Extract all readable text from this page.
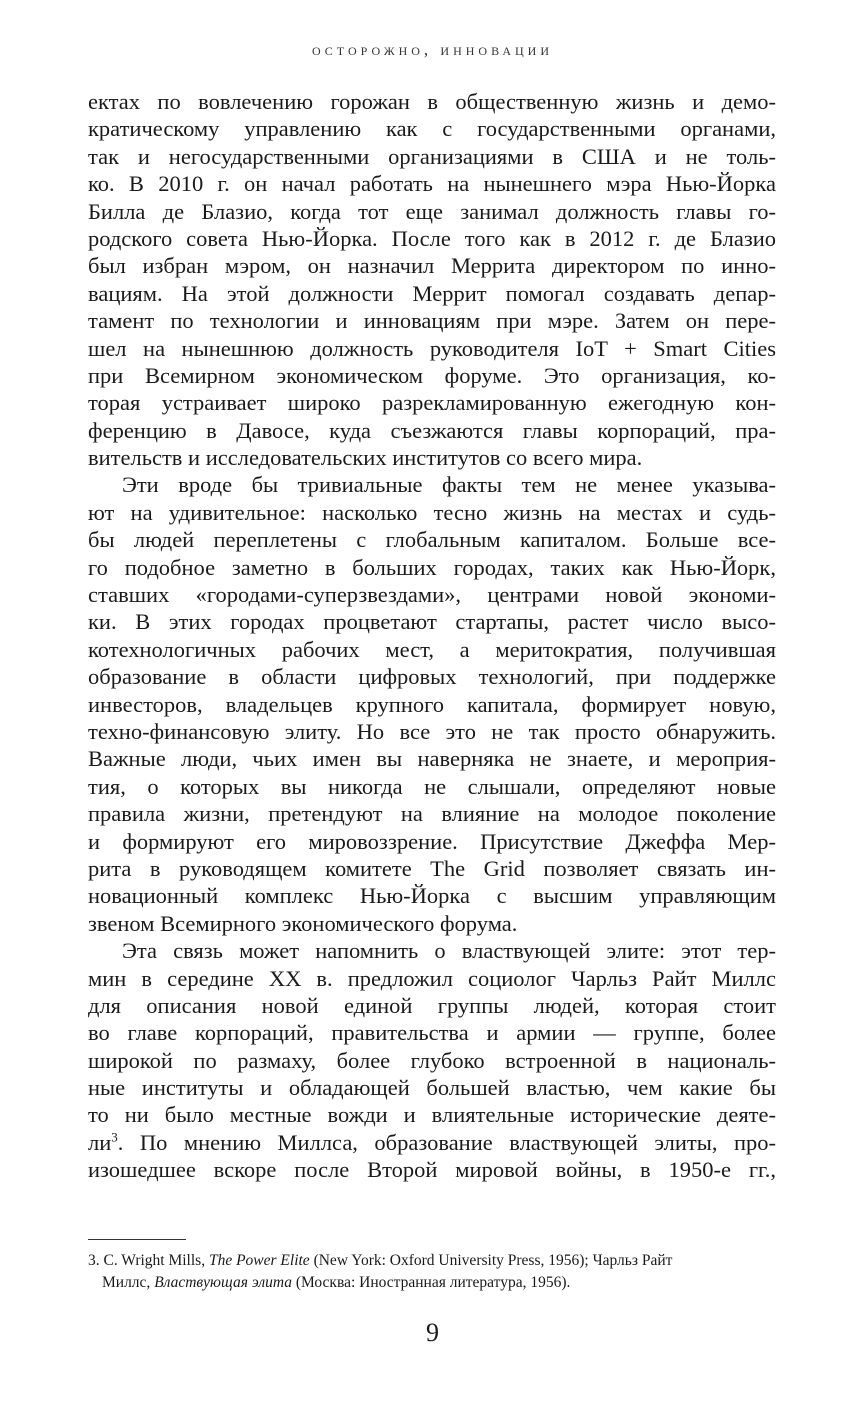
осторожно, инновации
ектах по вовлечению горожан в общественную жизнь и демо-
кратическому управлению как с государственными органами,
так и негосударственными организациями в США и не толь-
ко. В 2010 г. он начал работать на нынешнего мэра Нью-Йорка
Билла де Блазио, когда тот еще занимал должность главы го-
родского совета Нью-Йорка. После того как в 2012 г. де Блазио
был избран мэром, он назначил Меррита директором по инно-
вациям. На этой должности Меррит помогал создавать депар-
тамент по технологии и инновациям при мэре. Затем он пере-
шел на нынешнюю должность руководителя IoT + Smart Cities
при Всемирном экономическом форуме. Это организация, ко-
торая устраивает широко разрекламированную ежегодную кон-
ференцию в Давосе, куда съезжаются главы корпораций, пра-
вительств и исследовательских институтов со всего мира.
Эти вроде бы тривиальные факты тем не менее указыва-
ют на удивительное: насколько тесно жизнь на местах и судь-
бы людей переплетены с глобальным капиталом. Больше все-
го подобное заметно в больших городах, таких как Нью-Йорк,
ставших «городами-суперзвездами», центрами новой экономи-
ки. В этих городах процветают стартапы, растет число высо-
котехнологичных рабочих мест, а меритократия, получившая
образование в области цифровых технологий, при поддержке
инвесторов, владельцев крупного капитала, формирует новую,
техно-финансовую элиту. Но все это не так просто обнаружить.
Важные люди, чьих имен вы наверняка не знаете, и мероприя-
тия, о которых вы никогда не слышали, определяют новые
правила жизни, претендуют на влияние на молодое поколение
и формируют его мировоззрение. Присутствие Джеффа Мер-
рита в руководящем комитете The Grid позволяет связать ин-
новационный комплекс Нью-Йорка с высшим управляющим
звеном Всемирного экономического форума.
Эта связь может напомнить о властвующей элите: этот тер-
мин в середине XX в. предложил социолог Чарльз Райт Миллс
для описания новой единой группы людей, которая стоит
во главе корпораций, правительства и армии — группе, более
широкой по размаху, более глубоко встроенной в националь-
ные институты и обладающей большей властью, чем какие бы
то ни было местные вожди и влиятельные исторические деяте-
$ли^3$. По мнению Миллса, образование властвующей элиты, про-
изошедшее вскоре после Второй мировой войны, в 1950-е гг.,
3. C. Wright Mills, The Power Elite (New York: Oxford University Press, 1956); Чарльз Райт
Миллс, Властвующая элита (Москва: Иностранная литература, 1956).
9
